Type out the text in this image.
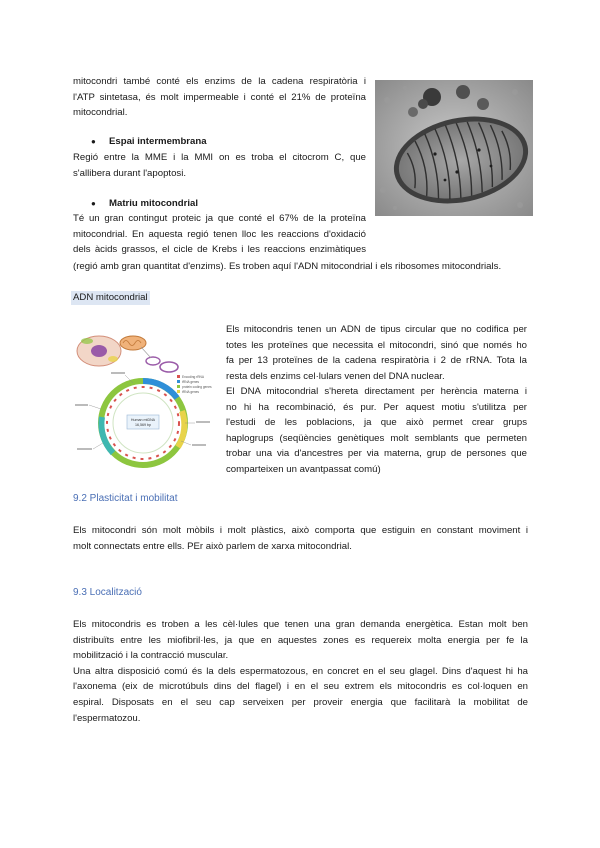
mitocondri també conté els enzims de la cadena respiratòria i

l'ATP sintetasa, és molt impermeable i conté el 21% de proteïna

mitocondrial.

● Espai intermembrana

Regió entre la MME i la MMI on es troba el citocrom C, que

s'allibera durant l'apoptosi.

● Matriu mitocondrial

Té un gran contingut proteic ja que conté el 67% de la proteïna

mitocondrial. En aquesta regió tenen lloc les reaccions d'oxidació

dels àcids grassos, el cicle de Krebs i les reaccions enzimàtiques

(regió amb gran quantitat d'enzims). Es troben aquí l'ADN mitocondrial i els ribosomes mitocondrials.

ADN mitocondrial
Human mtDNA
16,569 bp
Encoding rRNA
tRNA genes
protein coding genes
tRNA genes

Els mitocondris tenen un ADN de tipus circular que no codifica per

totes les proteïnes que necessita el mitocondri, sinó que només ho

fa per 13 proteïnes de la cadena respiratòria i 2 de rRNA. Tota la

resta dels enzims cel·lulars venen del DNA nuclear.

El DNA mitocondrial s'hereta directament per herència materna i

no hi ha recombinació, és pur. Per aquest motiu s'utilitza per

l'estudi de les poblacions, ja que això permet crear grups

haplogrups (seqüències genètiques molt semblants que permeten

trobar una via d'ancestres per via materna, grup de persones que

comparteixen un avantpassat comú)

9.2 Plasticitat i mobilitat

Els mitocondri són molt mòbils i molt plàstics, això comporta que estiguin en constant moviment i

molt connectats entre ells. PEr això parlem de xarxa mitocondrial.

9.3 Localització

Els mitocondris es troben a les cèl·lules que tenen una gran demanda energètica. Estan molt ben

distribuïts entre les miofibril·les, ja que en aquestes zones es requereix molta energia per fe la

mobilització i la contracció muscular.

Una altra disposició comú és la dels espermatozous, en concret en el seu glagel. Dins d'aquest hi ha

l'axonema (eix de microtúbuls dins del flagel) i en el seu extrem els mitocondris es col·loquen en

espiral. Disposats en el seu cap serveixen per proveir energia que facilitarà la mobilitat de

l'espermatozou.
